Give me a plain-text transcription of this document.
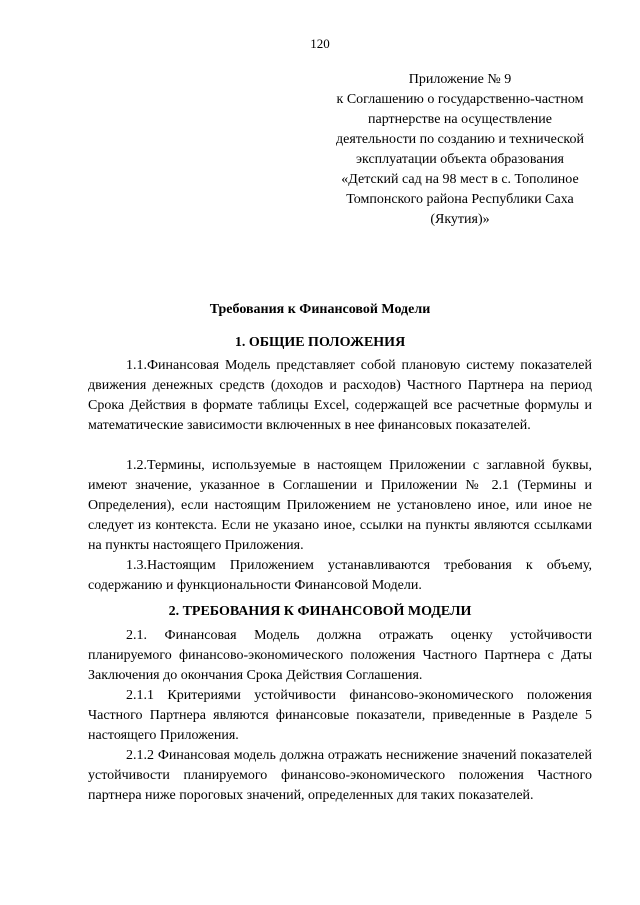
120
Приложение № 9
к Соглашению о государственно-частном
партнерстве на осуществление
деятельности по созданию и технической
эксплуатации объекта образования
«Детский сад на 98 мест в с. Тополиное
Томпонского района Республики Саха
(Якутия)»
Требования к Финансовой Модели
1. ОБЩИЕ ПОЛОЖЕНИЯ

1.1.Финансовая Модель представляет собой плановую систему показателей движения денежных средств (доходов и расходов) Частного Партнера на период Срока Действия в формате таблицы Excel, содержащей все расчетные формулы и математические зависимости включенных в нее финансовых показателей.

1.2.Термины, используемые в настоящем Приложении с заглавной буквы, имеют значение, указанное в Соглашении и Приложении № 2.1 (Термины и Определения), если настоящим Приложением не установлено иное, или иное не следует из контекста. Если не указано иное, ссылки на пункты являются ссылками на пункты настоящего Приложения.

1.3.Настоящим Приложением устанавливаются требования к объему, содержанию и функциональности Финансовой Модели.

2. ТРЕБОВАНИЯ К ФИНАНСОВОЙ МОДЕЛИ

2.1. Финансовая Модель должна отражать оценку устойчивости планируемого финансово-экономического положения Частного Партнера с Даты Заключения до окончания Срока Действия Соглашения.

2.1.1 Критериями устойчивости финансово-экономического положения Частного Партнера являются финансовые показатели, приведенные в Разделе 5 настоящего Приложения.

2.1.2 Финансовая модель должна отражать неснижение значений показателей устойчивости планируемого финансово-экономического положения Частного партнера ниже пороговых значений, определенных для таких показателей.
